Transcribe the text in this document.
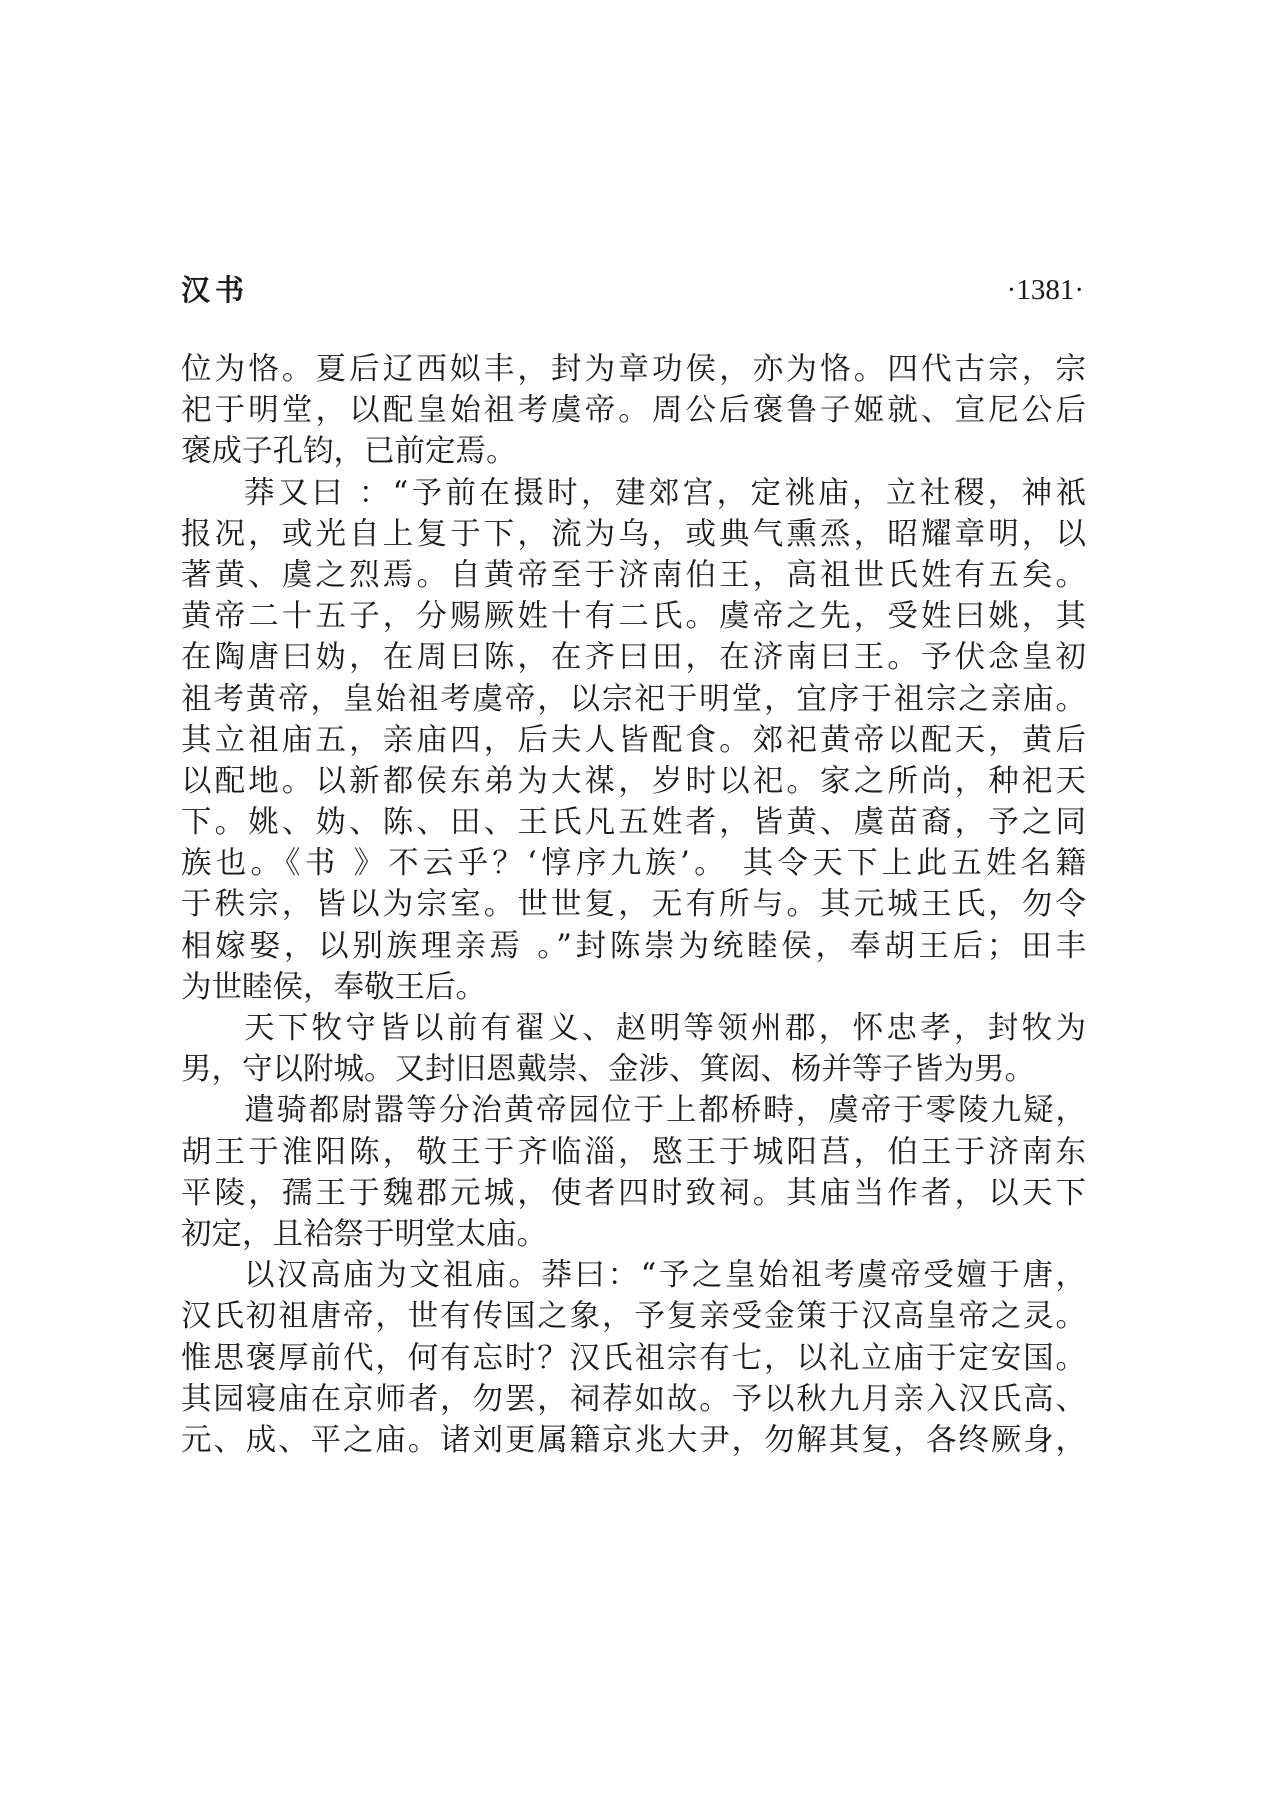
汉书	·1381·
位为恪。夏后辽西姒丰，封为章功侯，亦为恪。四代古宗，宗
祀于明堂，以配皇始祖考虞帝。周公后褒鲁子姬就、宣尼公后
褒成子孔钧，已前定焉。
莽又曰 ：“予前在摄时，建郊宫，定祧庙，立社稷，神祇
报况，或光自上复于下，流为乌，或典气熏烝，昭耀章明，以
著黄、虞之烈焉。自黄帝至于济南伯王，高祖世氏姓有五矣。
黄帝二十五子，分赐厥姓十有二氏。虞帝之先，受姓曰姚，其
在陶唐曰妫，在周曰陈，在齐曰田，在济南曰王。予伏念皇初
祖考黄帝，皇始祖考虞帝，以宗祀于明堂，宜序于祖宗之亲庙。
其立祖庙五，亲庙四，后夫人皆配食。郊祀黄帝以配天，黄后
以配地。以新都侯东弟为大禖，岁时以祀。家之所尚，种祀天
下。姚、妫、陈、田、王氏凡五姓者，皆黄、虞苗裔，予之同
族也。《书 》不云乎？‘惇序九族’。 其令天下上此五姓名籍
于秩宗，皆以为宗室。世世复，无有所与。其元城王氏，勿令
相嫁娶，以别族理亲焉 。”封陈崇为统睦侯，奉胡王后；田丰
为世睦侯，奉敬王后。
天下牧守皆以前有翟义、赵明等领州郡，怀忠孝，封牧为
男，守以附城。又封旧恩戴崇、金涉、箕闳、杨并等子皆为男。
遣骑都尉嚣等分治黄帝园位于上都桥畤，虞帝于零陵九疑，
胡王于淮阳陈，敬王于齐临淄，愍王于城阳莒，伯王于济南东
平陵，孺王于魏郡元城，使者四时致祠。其庙当作者，以天下
初定，且袷祭于明堂太庙。
以汉高庙为文祖庙。莽曰：“予之皇始祖考虞帝受嬗于唐，
汉氏初祖唐帝，世有传国之象，予复亲受金策于汉高皇帝之灵。
惟思褒厚前代，何有忘时？汉氏祖宗有七，以礼立庙于定安国。
其园寝庙在京师者，勿罢，祠荐如故。予以秋九月亲入汉氏高、
元、成、平之庙。诸刘更属籍京兆大尹，勿解其复，各终厥身，
